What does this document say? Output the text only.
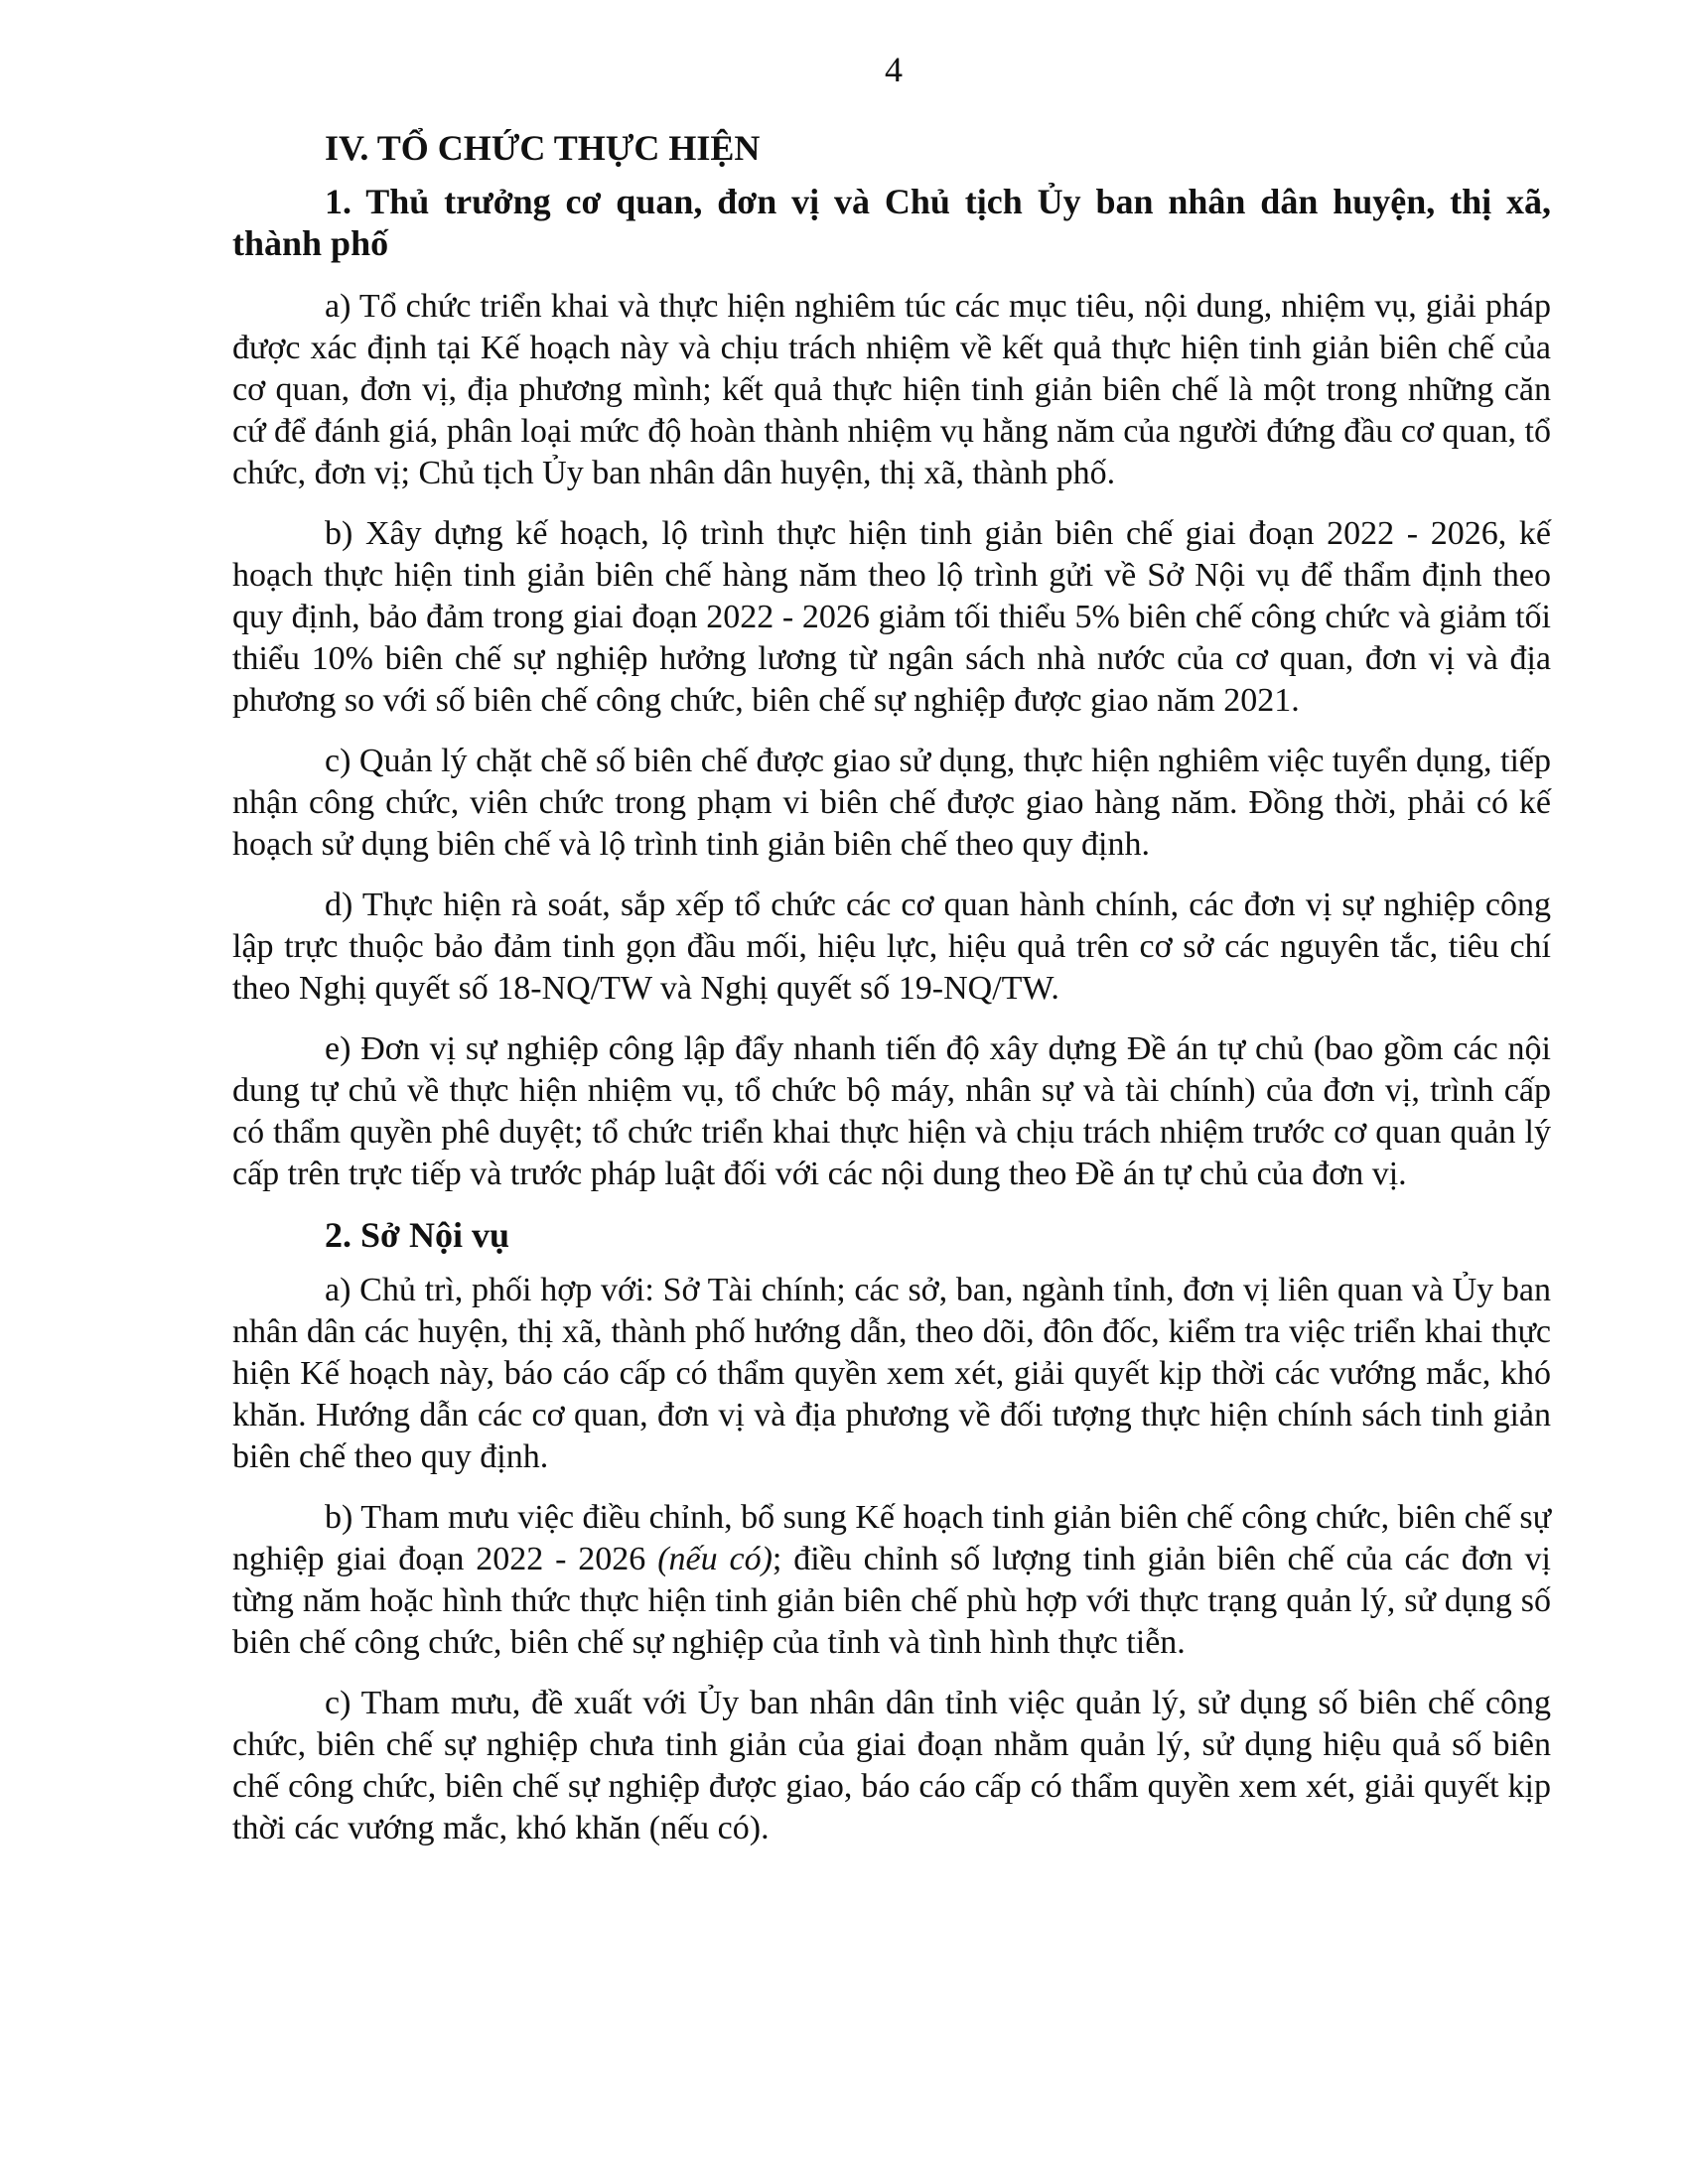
4

IV. TỔ CHỨC THỰC HIỆN

1. Thủ trưởng cơ quan, đơn vị và Chủ tịch Ủy ban nhân dân huyện, thị xã, thành phố

a) Tổ chức triển khai và thực hiện nghiêm túc các mục tiêu, nội dung, nhiệm vụ, giải pháp được xác định tại Kế hoạch này và chịu trách nhiệm về kết quả thực hiện tinh giản biên chế của cơ quan, đơn vị, địa phương mình; kết quả thực hiện tinh giản biên chế là một trong những căn cứ để đánh giá, phân loại mức độ hoàn thành nhiệm vụ hằng năm của người đứng đầu cơ quan, tổ chức, đơn vị; Chủ tịch Ủy ban nhân dân huyện, thị xã, thành phố.

b) Xây dựng kế hoạch, lộ trình thực hiện tinh giản biên chế giai đoạn 2022 - 2026, kế hoạch thực hiện tinh giản biên chế hàng năm theo lộ trình gửi về Sở Nội vụ để thẩm định theo quy định, bảo đảm trong giai đoạn 2022 - 2026 giảm tối thiểu 5% biên chế công chức và giảm tối thiểu 10% biên chế sự nghiệp hưởng lương từ ngân sách nhà nước của cơ quan, đơn vị và địa phương so với số biên chế công chức, biên chế sự nghiệp được giao năm 2021.

c) Quản lý chặt chẽ số biên chế được giao sử dụng, thực hiện nghiêm việc tuyển dụng, tiếp nhận công chức, viên chức trong phạm vi biên chế được giao hàng năm. Đồng thời, phải có kế hoạch sử dụng biên chế và lộ trình tinh giản biên chế theo quy định.

d) Thực hiện rà soát, sắp xếp tổ chức các cơ quan hành chính, các đơn vị sự nghiệp công lập trực thuộc bảo đảm tinh gọn đầu mối, hiệu lực, hiệu quả trên cơ sở các nguyên tắc, tiêu chí theo Nghị quyết số 18-NQ/TW và Nghị quyết số 19-NQ/TW.

e) Đơn vị sự nghiệp công lập đẩy nhanh tiến độ xây dựng Đề án tự chủ (bao gồm các nội dung tự chủ về thực hiện nhiệm vụ, tổ chức bộ máy, nhân sự và tài chính) của đơn vị, trình cấp có thẩm quyền phê duyệt; tổ chức triển khai thực hiện và chịu trách nhiệm trước cơ quan quản lý cấp trên trực tiếp và trước pháp luật đối với các nội dung theo Đề án tự chủ của đơn vị.

2. Sở Nội vụ

a) Chủ trì, phối hợp với: Sở Tài chính; các sở, ban, ngành tỉnh, đơn vị liên quan và Ủy ban nhân dân các huyện, thị xã, thành phố hướng dẫn, theo dõi, đôn đốc, kiểm tra việc triển khai thực hiện Kế hoạch này, báo cáo cấp có thẩm quyền xem xét, giải quyết kịp thời các vướng mắc, khó khăn. Hướng dẫn các cơ quan, đơn vị và địa phương về đối tượng thực hiện chính sách tinh giản biên chế theo quy định.

b) Tham mưu việc điều chỉnh, bổ sung Kế hoạch tinh giản biên chế công chức, biên chế sự nghiệp giai đoạn 2022 - 2026 (nếu có); điều chỉnh số lượng tinh giản biên chế của các đơn vị từng năm hoặc hình thức thực hiện tinh giản biên chế phù hợp với thực trạng quản lý, sử dụng số biên chế công chức, biên chế sự nghiệp của tỉnh và tình hình thực tiễn.

c) Tham mưu, đề xuất với Ủy ban nhân dân tỉnh việc quản lý, sử dụng số biên chế công chức, biên chế sự nghiệp chưa tinh giản của giai đoạn nhằm quản lý, sử dụng hiệu quả số biên chế công chức, biên chế sự nghiệp được giao, báo cáo cấp có thẩm quyền xem xét, giải quyết kịp thời các vướng mắc, khó khăn (nếu có).
